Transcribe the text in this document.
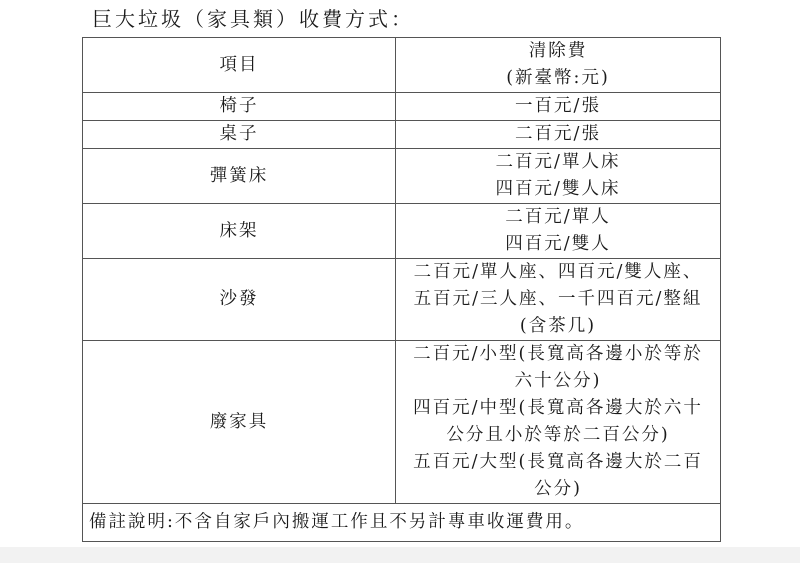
巨大垃圾（家具類）收費方式：
項目	清除費
(新臺幣:元)

椅子	一百元/張

桌子	二百元/張

彈簧床	二百元/單人床
四百元/雙人床

床架	二百元/單人
四百元/雙人

沙發	二百元/單人座、四百元/雙人座、
五百元/三人座、一千四百元/整組
(含茶几)

廢家具	
二百元/小型(長寬高各邊小於等於
六十公分)
四百元/中型(長寬高各邊大於六十
公分且小於等於二百公分)
五百元/大型(長寬高各邊大於二百
公分)

備註說明:不含自家戶內搬運工作且不另計專車收運費用。	
